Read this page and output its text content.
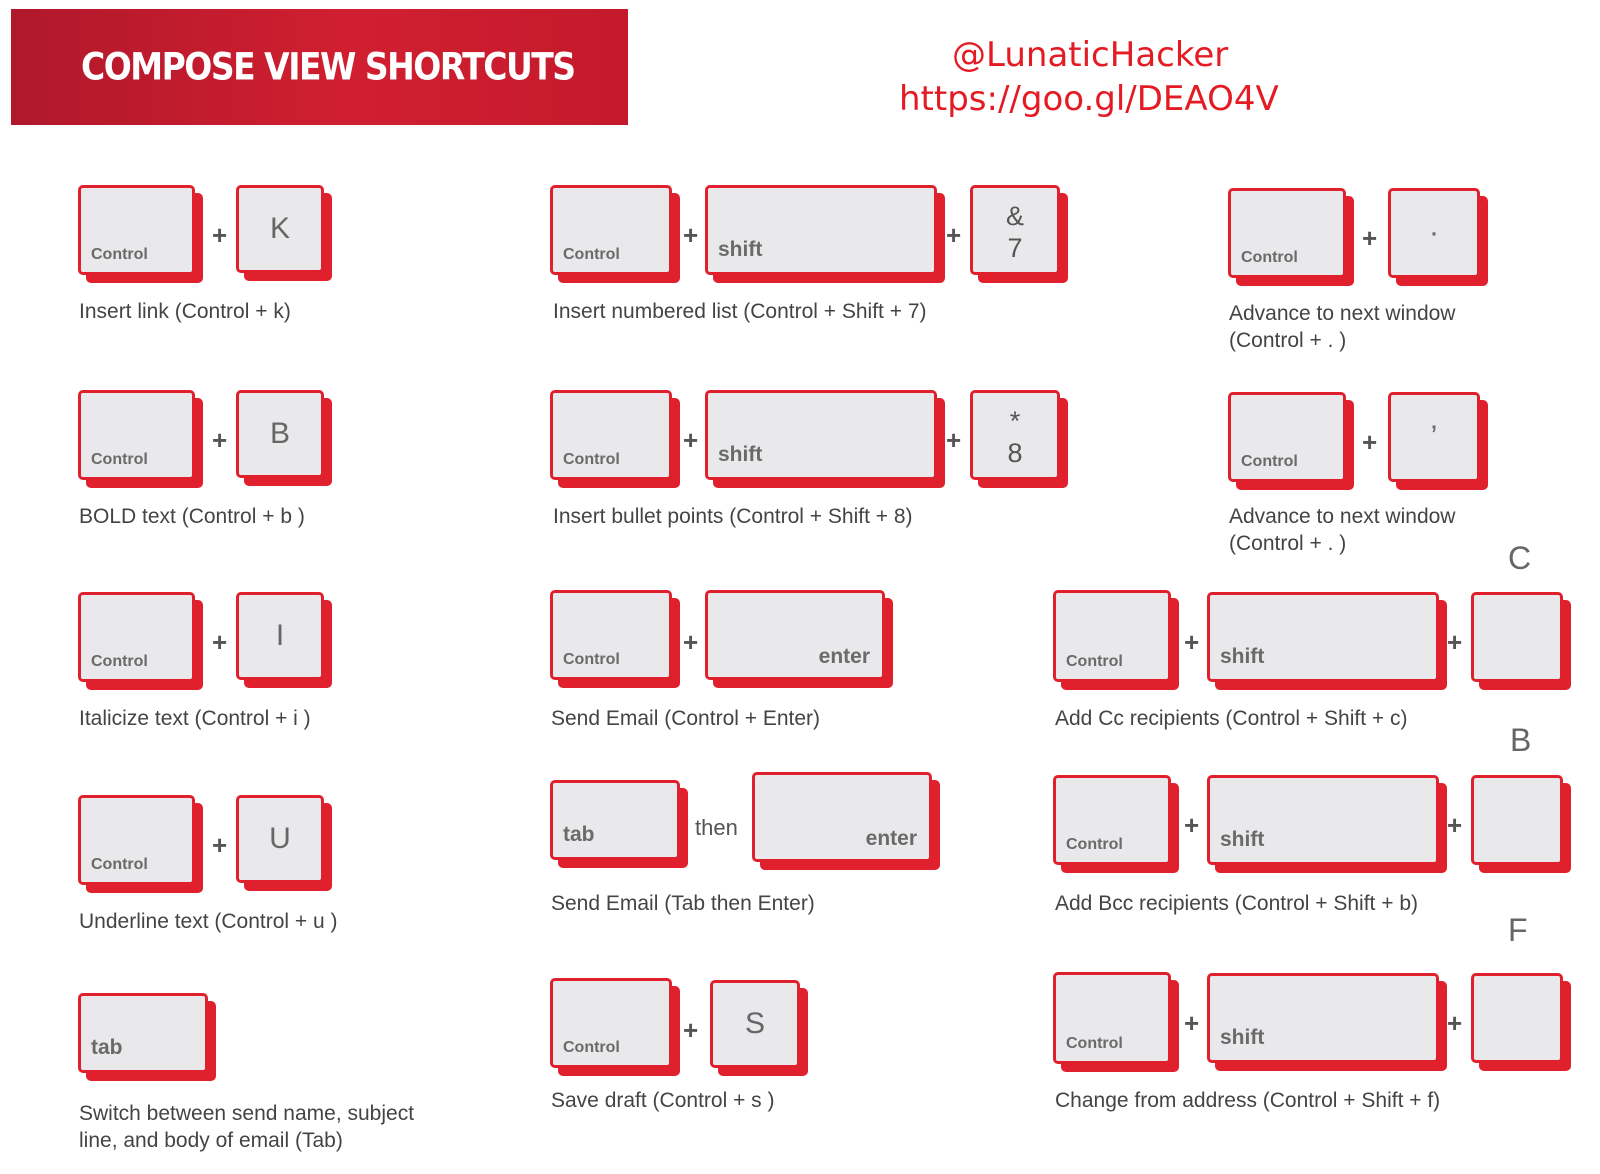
COMPOSE VIEW SHORTCUTS	@LunaticHacker
https://goo.gl/DEAO4V
Control
+	K
Insert link (Control + k)
Control
+	B
BOLD text (Control + b )
Control
+	I
Italicize text (Control + i )
Control
+	U
Underline text (Control + u )
tab
Switch between send name, subject
line, and body of email (Tab)
Control
+ shift	+
&
7
Insert numbered list (Control + Shift + 7)
Control
+ shift	+
*
8
Insert bullet points (Control + Shift + 8)
Control
+	enter
Send Email (Control + Enter)
tab	then	enter
Send Email (Tab then Enter)
Control
+	S
Save draft (Control + s )
Control
+	·
Advance to next window
(Control + . )
Control
+	’
Advance to next window
(Control + . )	C
Control
+ shift	+
Add Cc recipients (Control + Shift + c)
B
Control
+ shift	+
Add Bcc recipients (Control + Shift + b)
F
Control
+ shift	+
Change from address (Control + Shift + f)
